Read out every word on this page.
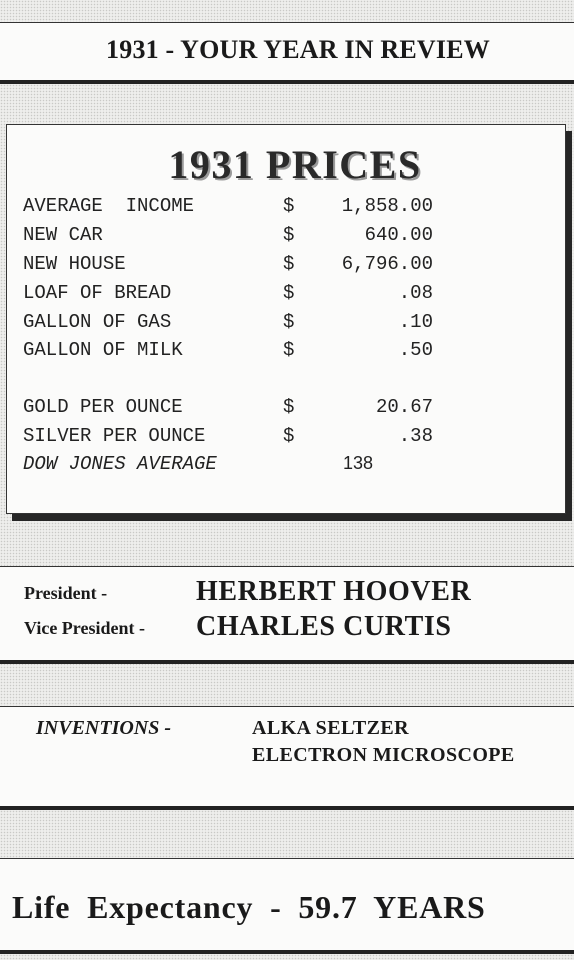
1931 - YOUR YEAR IN REVIEW
1931 PRICES
AVERAGE  INCOME	$ 1,858.00
NEW CAR	$	640.00
NEW HOUSE	$ 6,796.00
LOAF OF BREAD	$	.08
GALLON OF GAS	$	.10
GALLON OF MILK	$	.50
GOLD PER OUNCE	$	20.67
SILVER PER OUNCE	$	.38
DOW JONES AVERAGE	138
President -	HERBERT HOOVER
Vice President - CHARLES CURTIS
INVENTIONS -	ALKA SELTZER
ELECTRON MICROSCOPE
Life Expectancy - 59.7 YEARS
